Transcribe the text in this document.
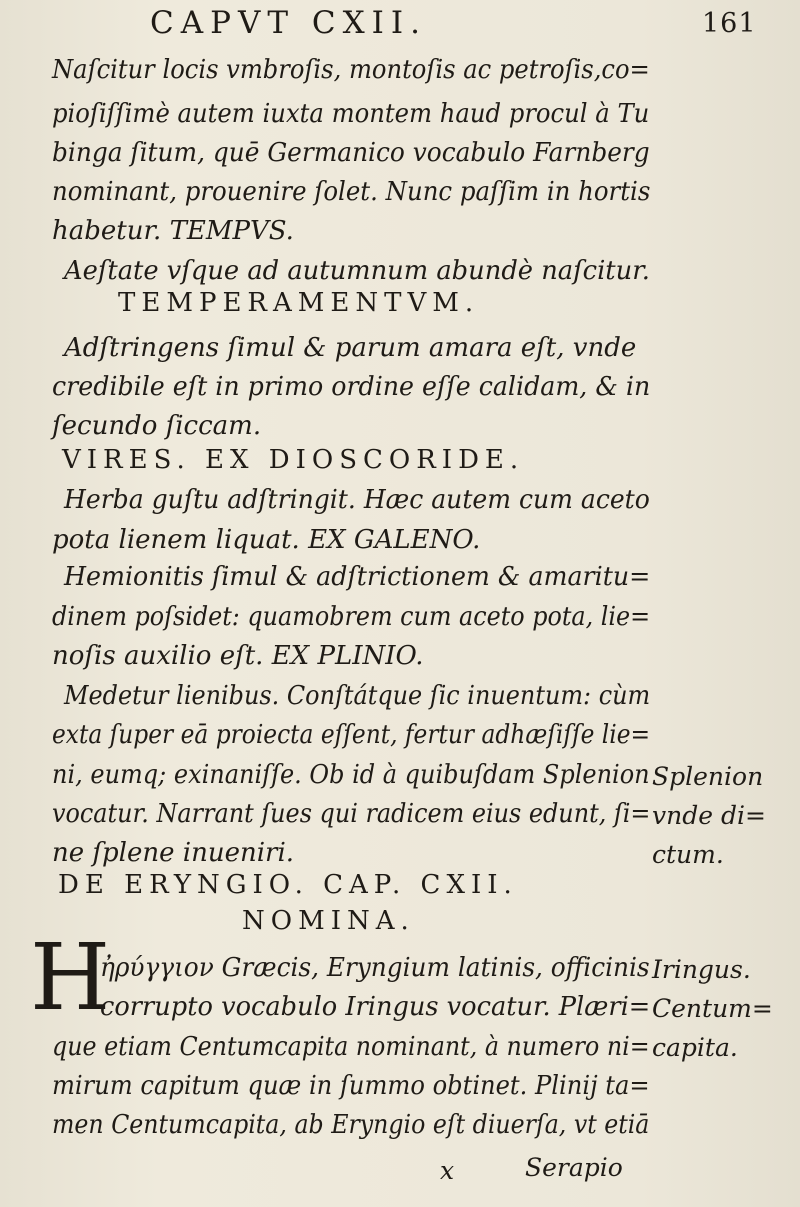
CAPVT CXII.	161
Naſcitur locis vmbroſis, montoſis ac petroſis,co=
pioſiſſimè autem iuxta montem haud procul à Tu
binga ſitum, quē Germanico vocabulo Farnberg
nominant, prouenire ſolet. Nunc paſſim in hortis
habetur. TEMPVS.
Aeſtate vſque ad autumnum abundè naſcitur.
TEMPERAMENTVM.
Adſtringens ſimul & parum amara eſt, vnde
credibile eſt in primo ordine eſſe calidam, & in
ſecundo ſiccam.
VIRES. EX DIOSCORIDE.
Herba guſtu adſtringit. Hæc autem cum aceto
pota lienem liquat. EX GALENO.
Hemionitis ſimul & adſtrictionem & amaritu=
dinem poſsidet: quamobrem cum aceto pota, lie=
noſis auxilio eſt. EX PLINIO.
Medetur lienibus. Conſtátque ſic inuentum: cùm
exta ſuper eā proiecta eſſent, fertur adhæſiſſe lie=
ni, eumq; exinaniſſe. Ob id à quibuſdam Splenion
vocatur. Narrant ſues qui radicem eius edunt, ſi=
ne ſplene inueniri.
DE ERYNGIO. CAP. CXII.
NOMINA.
H
ἠρύγγιον Græcis, Eryngium latinis, officinis
corrupto vocabulo Iringus vocatur. Plæri=
que etiam Centumcapita nominant, à numero ni=
mirum capitum quæ in ſummo obtinet. Plinij ta=
men Centumcapita, ab Eryngio eſt diuerſa, vt etiā
x	Serapio
Splenion
vnde di=
ctum.
Iringus.
Centum=
capita.
